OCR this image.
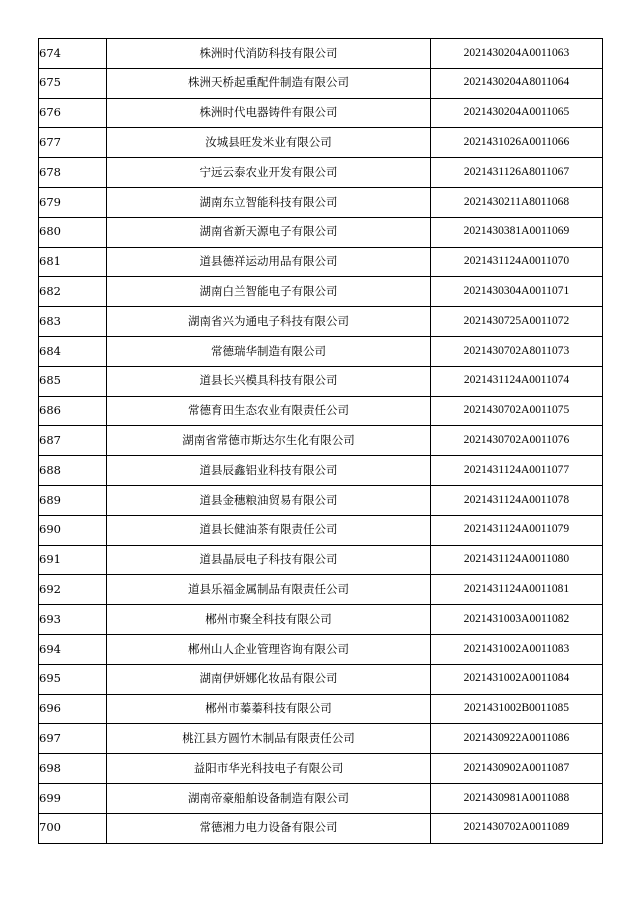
674	株洲时代消防科技有限公司	2021430204A0011063
675	株洲天桥起重配件制造有限公司	2021430204A8011064
676	株洲时代电器铸件有限公司	2021430204A0011065
677	汝城县旺发米业有限公司	2021431026A0011066
678	宁远云泰农业开发有限公司	2021431126A8011067
679	湖南东立智能科技有限公司	2021430211A8011068
680	湖南省新天源电子有限公司	2021430381A0011069
681	道县德祥运动用品有限公司	2021431124A0011070
682	湖南白兰智能电子有限公司	2021430304A0011071
683	湖南省兴为通电子科技有限公司	2021430725A0011072
684	常德瑞华制造有限公司	2021430702A8011073
685	道县长兴模具科技有限公司	2021431124A0011074
686	常德育田生态农业有限责任公司	2021430702A0011075
687	湖南省常德市斯达尔生化有限公司	2021430702A0011076
688	道县辰鑫铝业科技有限公司	2021431124A0011077
689	道县金穗粮油贸易有限公司	2021431124A0011078
690	道县长健油茶有限责任公司	2021431124A0011079
691	道县晶辰电子科技有限公司	2021431124A0011080
692	道县乐福金属制品有限责任公司	2021431124A0011081
693	郴州市聚全科技有限公司	2021431003A0011082
694	郴州山人企业管理咨询有限公司	2021431002A0011083
695	湖南伊妍娜化妆品有限公司	2021431002A0011084
696	郴州市蓁蓁科技有限公司	2021431002B0011085
697	桃江县方圆竹木制品有限责任公司	2021430922A0011086
698	益阳市华光科技电子有限公司	2021430902A0011087
699	湖南帝豪船舶设备制造有限公司	2021430981A0011088
700	常德湘力电力设备有限公司	2021430702A0011089
